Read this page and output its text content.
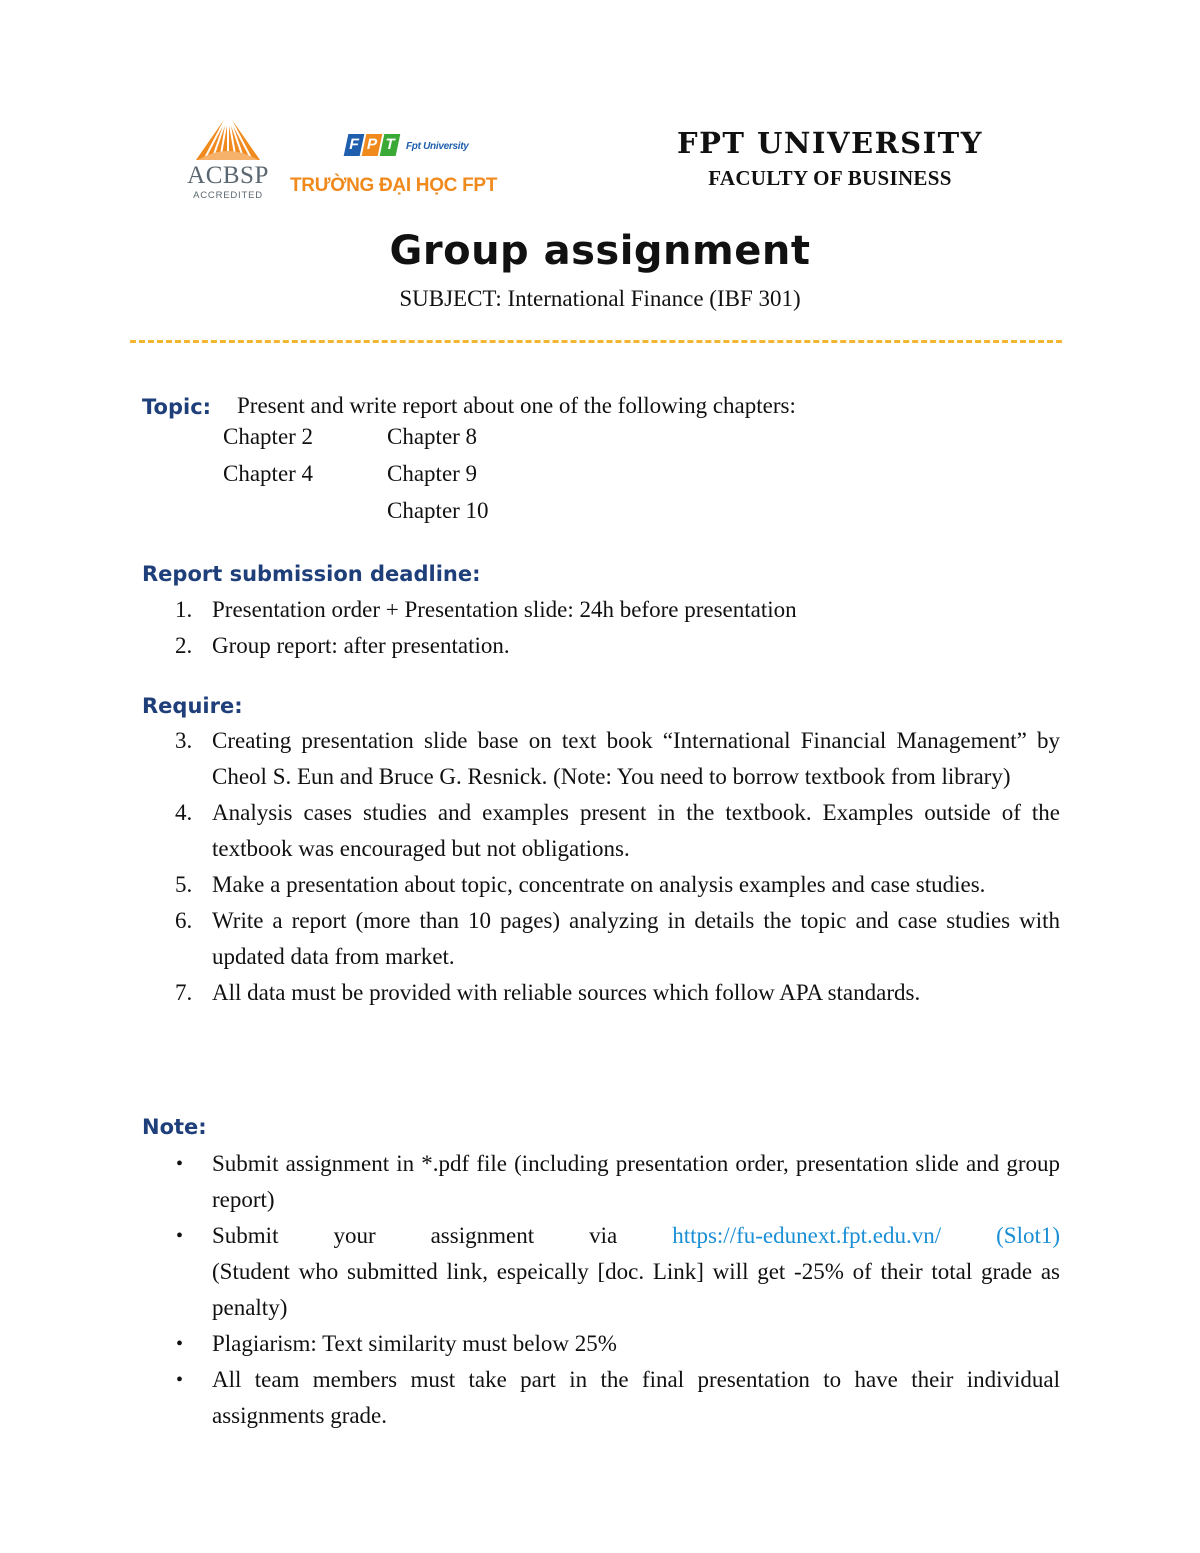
ACBSP
ACCREDITED
F P T Fpt University
TRƯỜNG ĐẠI HỌC FPT
FPT UNIVERSITY
FACULTY OF BUSINESS
Group assignment
SUBJECT: International Finance (IBF 301)
Topic: Present and write report about one of the following chapters:
Chapter 2
Chapter 4
Chapter 8
Chapter 9
Chapter 10
Report submission deadline:
1. Presentation order + Presentation slide: 24h before presentation
2. Group report: after presentation.
Require:
3. Creating presentation slide base on text book “International Financial Management” by Cheol S. Eun and Bruce G. Resnick. (Note: You need to borrow textbook from library)
4. Analysis cases studies and examples present in the textbook. Examples outside of the textbook was encouraged but not obligations.
5. Make a presentation about topic, concentrate on analysis examples and case studies.
6. Write a report (more than 10 pages) analyzing in details the topic and case studies with updated data from market.
7. All data must be provided with reliable sources which follow APA standards.
Note:
• Submit assignment in *.pdf file (including presentation order, presentation slide and group report)
• Submit your assignment via https://fu-edunext.fpt.edu.vn/ (Slot1)
(Student who submitted link, espeically [doc. Link] will get -25% of their total grade as penalty)
• Plagiarism: Text similarity must below 25%
• All team members must take part in the final presentation to have their individual assignments grade.
